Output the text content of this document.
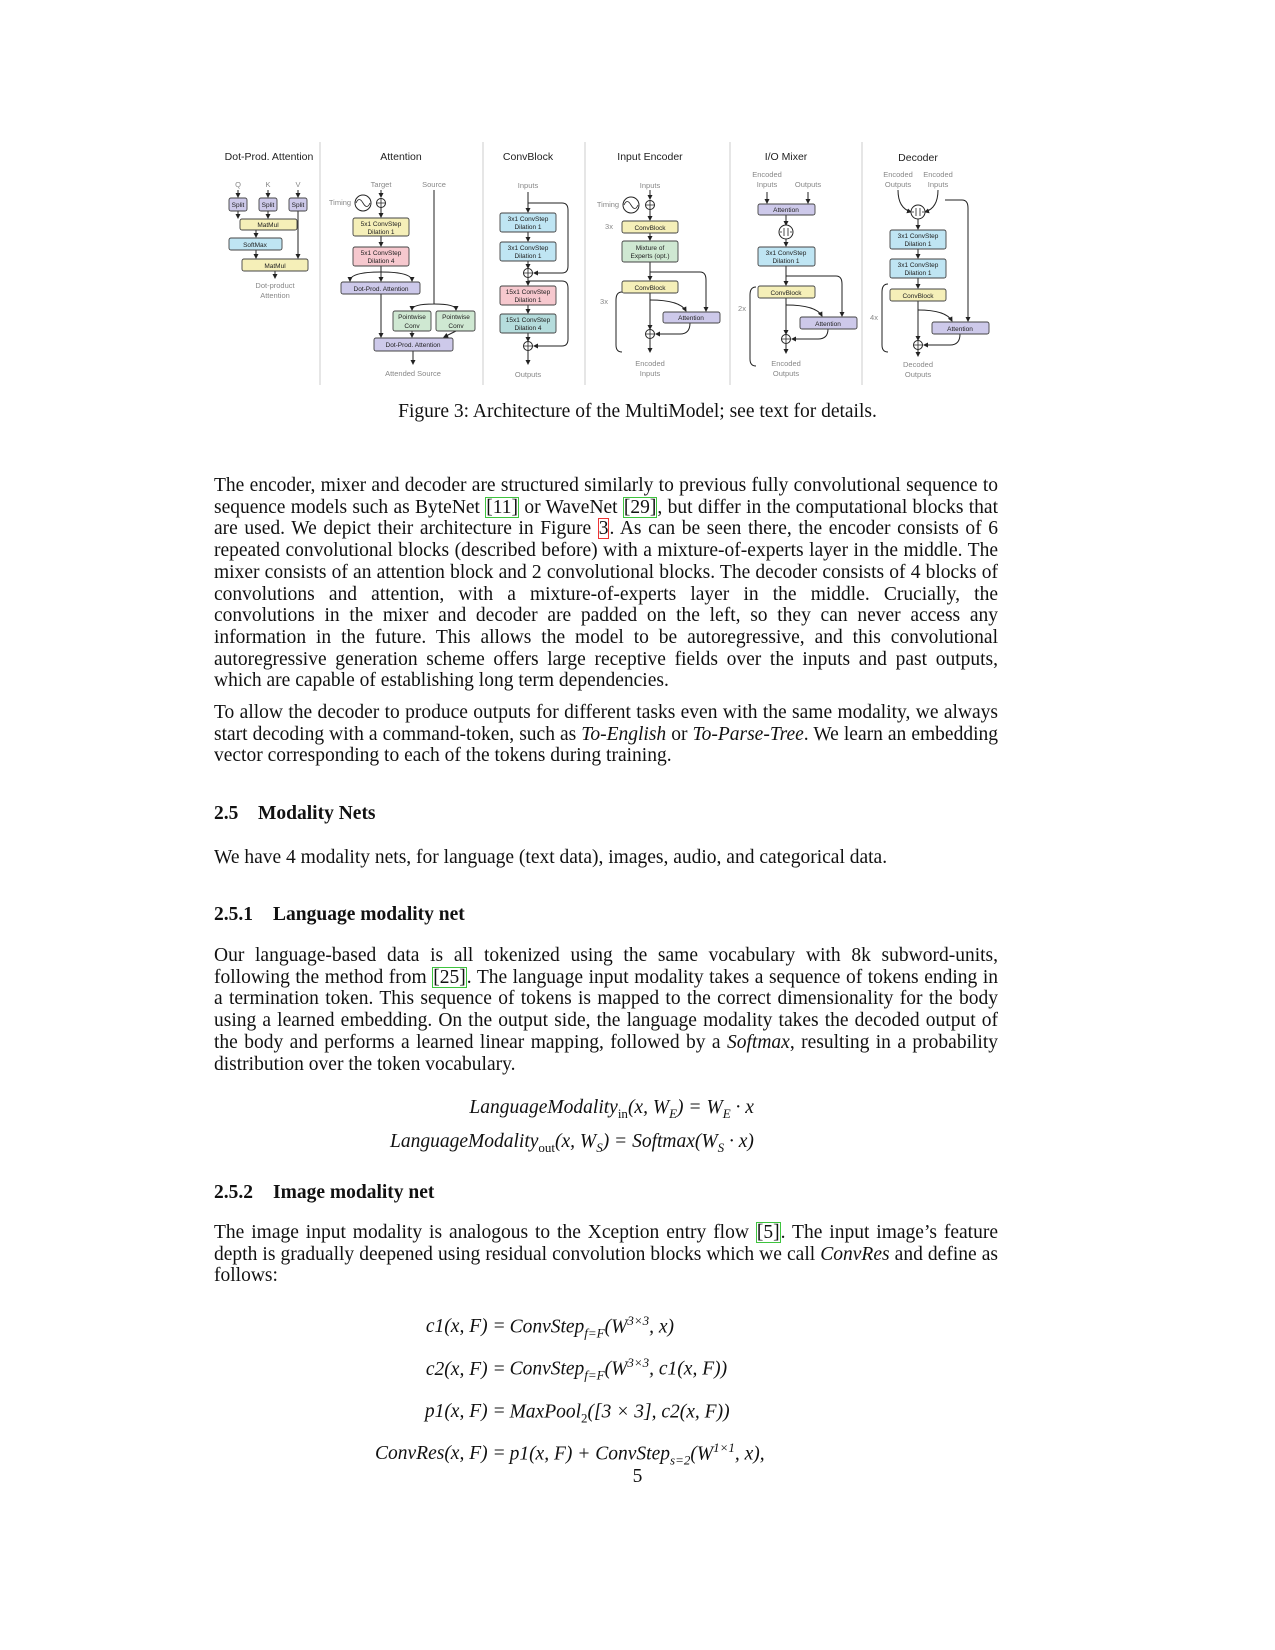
Dot-Prod. Attention
Q	K	V
Split	Split	Split
MatMul
SoftMax
MatMul
Dot-product
Attention
Attention
Target	Source
Timing
5x1 ConvStep
Dilation 1
5x1 ConvStep
Dilation 4
Dot-Prod. Attention
Pointwise
Conv
Pointwise
Conv
Dot-Prod. Attention
Attended Source
ConvBlock
Inputs
3x1 ConvStep
Dilation 1
3x1 ConvStep
Dilation 1
15x1 ConvStep
Dilation 1
15x1 ConvStep
Dilation 4
Outputs
Input Encoder
Inputs
Timing
3x
3x
ConvBlock
Mixture of
Experts (opt.)
ConvBlock
Attention
Encoded
Inputs
I/O Mixer
Encoded
Inputs Outputs
2x
Attention
3x1 ConvStep
Dilation 1
ConvBlock
Attention
Encoded
Outputs
Decoder
Encoded
Outputs
Encoded
Inputs
4x
3x1 ConvStep
Dilation 1
3x1 ConvStep
Dilation 1
ConvBlock
Attention
Decoded
Outputs
Figure 3: Architecture of the MultiModel; see text for details.

The encoder, mixer and decoder are structured similarly to previous fully convolutional sequence to sequence models such as ByteNet [11] or WaveNet [29], but differ in the computational blocks that are used. We depict their architecture in Figure 3. As can be seen there, the encoder consists of 6 repeated convolutional blocks (described before) with a mixture-of-experts layer in the middle. The mixer consists of an attention block and 2 convolutional blocks. The decoder consists of 4 blocks of convolutions and attention, with a mixture-of-experts layer in the middle. Crucially, the convolutions in the mixer and decoder are padded on the left, so they can never access any information in the future. This allows the model to be autoregressive, and this convolutional autoregressive generation scheme offers large receptive fields over the inputs and past outputs, which are capable of establishing long term dependencies.

To allow the decoder to produce outputs for different tasks even with the same modality, we always start decoding with a command-token, such as To-English or To-Parse-Tree. We learn an embedding vector corresponding to each of the tokens during training.

2.5 Modality Nets
We have 4 modality nets, for language (text data), images, audio, and categorical data.
2.5.1 Language modality net
Our language-based data is all tokenized using the same vocabulary with 8k subword-units, following the method from [25]. The language input modality takes a sequence of tokens ending in a termination token. This sequence of tokens is mapped to the correct dimensionality for the body using a learned embedding. On the output side, the language modality takes the decoded output of the body and performs a learned linear mapping, followed by a Softmax, resulting in a probability distribution over the token vocabulary.
LanguageModality$_{in}$(x, $W_E) = W_E \cdot x$
LanguageModality$_{out}$(x, $W_S$) = $Softmax(W_S \cdot x)$
2.5.2 Image modality net
The image input modality is analogous to the Xception entry flow [5]. The input image’s feature depth is gradually deepened using residual convolution blocks which we call ConvRes and define as follows:
c1(x, F) =	 $ConvStep_{f=F}(W^{3\times 3}$, x)
c2(x, F) =	 $ConvStep_{f=F}(W^{3\times 3}$, c1(x, F))
p1(x, F) =	 MaxPool$_2$([3 × 3], c2(x, F))
ConvRes(x, F) =	 p1(x, $F) + ConvStep_{s=2}(W^{1\times 1}$, x),
5
